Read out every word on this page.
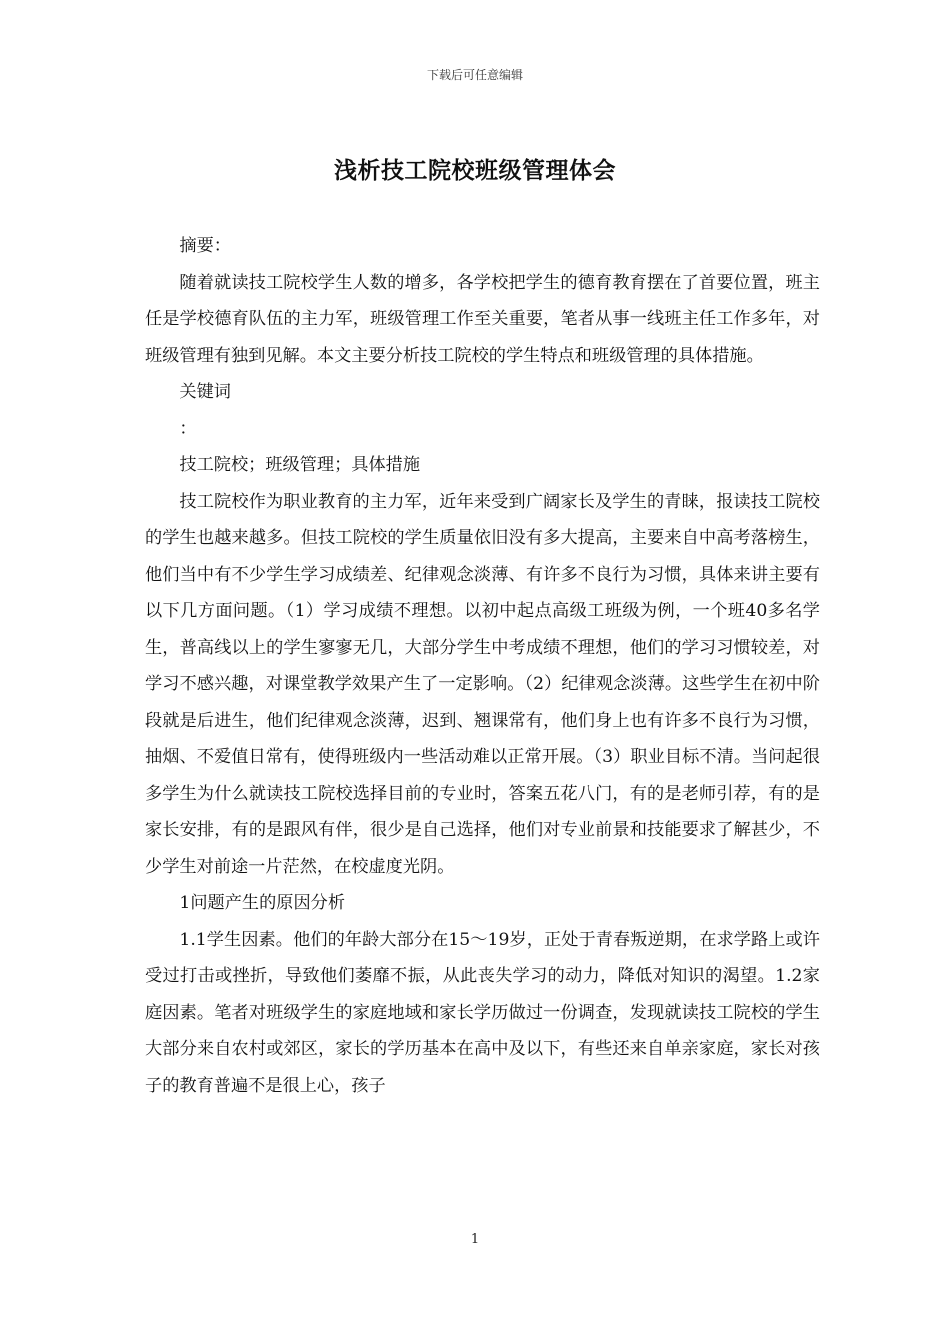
下载后可任意编辑
浅析技工院校班级管理体会

摘要：

随着就读技工院校学生人数的增多，各学校把学生的德育教育摆在了首要位置，班主任是学校德育队伍的主力军，班级管理工作至关重要，笔者从事一线班主任工作多年，对班级管理有独到见解。本文主要分析技工院校的学生特点和班级管理的具体措施。

关键词

：

技工院校；班级管理；具体措施

技工院校作为职业教育的主力军，近年来受到广阔家长及学生的青睐，报读技工院校的学生也越来越多。但技工院校的学生质量依旧没有多大提高，主要来自中高考落榜生，他们当中有不少学生学习成绩差、纪律观念淡薄、有许多不良行为习惯，具体来讲主要有以下几方面问题。（1）学习成绩不理想。以初中起点高级工班级为例，一个班40多名学生，普高线以上的学生寥寥无几，大部分学生中考成绩不理想，他们的学习习惯较差，对学习不感兴趣，对课堂教学效果产生了一定影响。（2）纪律观念淡薄。这些学生在初中阶段就是后进生，他们纪律观念淡薄，迟到、翘课常有，他们身上也有许多不良行为习惯，抽烟、不爱值日常有，使得班级内一些活动难以正常开展。（3）职业目标不清。当问起很多学生为什么就读技工院校选择目前的专业时，答案五花八门，有的是老师引荐，有的是家长安排，有的是跟风有伴，很少是自己选择，他们对专业前景和技能要求了解甚少，不少学生对前途一片茫然，在校虚度光阴。

1问题产生的原因分析

1.1学生因素。他们的年龄大部分在15～19岁，正处于青春叛逆期，在求学路上或许受过打击或挫折，导致他们萎靡不振，从此丧失学习的动力，降低对知识的渴望。1.2家庭因素。笔者对班级学生的家庭地域和家长学历做过一份调查，发现就读技工院校的学生大部分来自农村或郊区，家长的学历基本在高中及以下，有些还来自单亲家庭，家长对孩子的教育普遍不是很上心，孩子

1
